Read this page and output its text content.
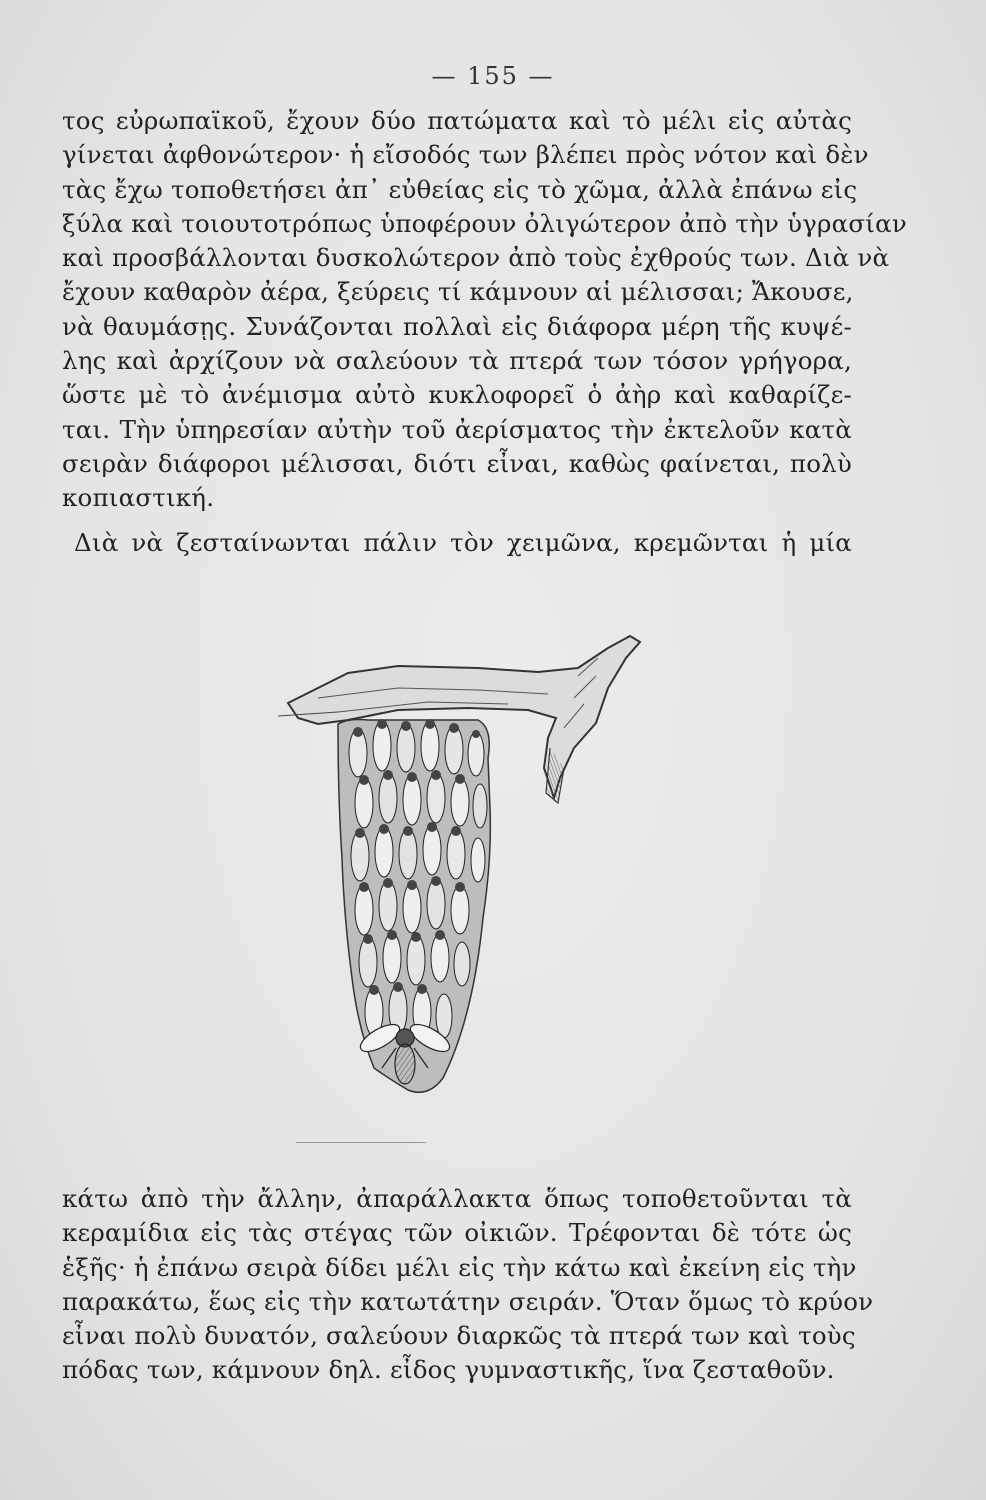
— 155 —
τος εὐρωπαϊκοῦ, ἔχουν δύο πατώματα καὶ τὸ μέλι εἰς αὐτὰς
γίνεται ἀφθονώτερον· ἡ εἴσοδός των βλέπει πρὸς νότον καὶ δὲν
τὰς ἔχω τοποθετήσει ἀπ᾿ εὐθείας εἰς τὸ χῶμα, ἀλλὰ ἐπάνω εἰς
ξύλα καὶ τοιουτοτρόπως ὑποφέρουν ὀλιγώτερον ἀπὸ τὴν ὑγρασίαν
καὶ προσβάλλονται δυσκολώτερον ἀπὸ τοὺς ἐχθρούς των. Διὰ νὰ
ἔχουν καθαρὸν ἀέρα, ξεύρεις τί κάμνουν αἱ μέλισσαι; Ἄκουσε,
νὰ θαυμάσῃς. Συνάζονται πολλαὶ εἰς διάφορα μέρη τῆς κυψέ-
λης καὶ ἀρχίζουν νὰ σαλεύουν τὰ πτερά των τόσον γρήγορα,
ὥστε μὲ τὸ ἀνέμισμα αὐτὸ κυκλοφορεῖ ὁ ἀὴρ καὶ καθαρίζε-
ται. Τὴν ὑπηρεσίαν αὐτὴν τοῦ ἀερίσματος τὴν ἐκτελοῦν κατὰ
σειρὰν διάφοροι μέλισσαι, διότι εἶναι, καθὼς φαίνεται, πολὺ
κοπιαστική.
Διὰ νὰ ζεσταίνωνται πάλιν τὸν χειμῶνα, κρεμῶνται ἡ μία
κάτω ἀπὸ τὴν ἄλλην, ἀπαράλλακτα ὅπως τοποθετοῦνται τὰ
κεραμίδια εἰς τὰς στέγας τῶν οἰκιῶν. Τρέφονται δὲ τότε ὡς
ἑξῆς· ἡ ἐπάνω σειρὰ δίδει μέλι εἰς τὴν κάτω καὶ ἐκείνη εἰς τὴν
παρακάτω, ἕως εἰς τὴν κατωτάτην σειράν. Ὅταν ὅμως τὸ κρύον
εἶναι πολὺ δυνατόν, σαλεύουν διαρκῶς τὰ πτερά των καὶ τοὺς
πόδας των, κάμνουν δηλ. εἶδος γυμναστικῆς, ἵνα ζεσταθοῦν.
